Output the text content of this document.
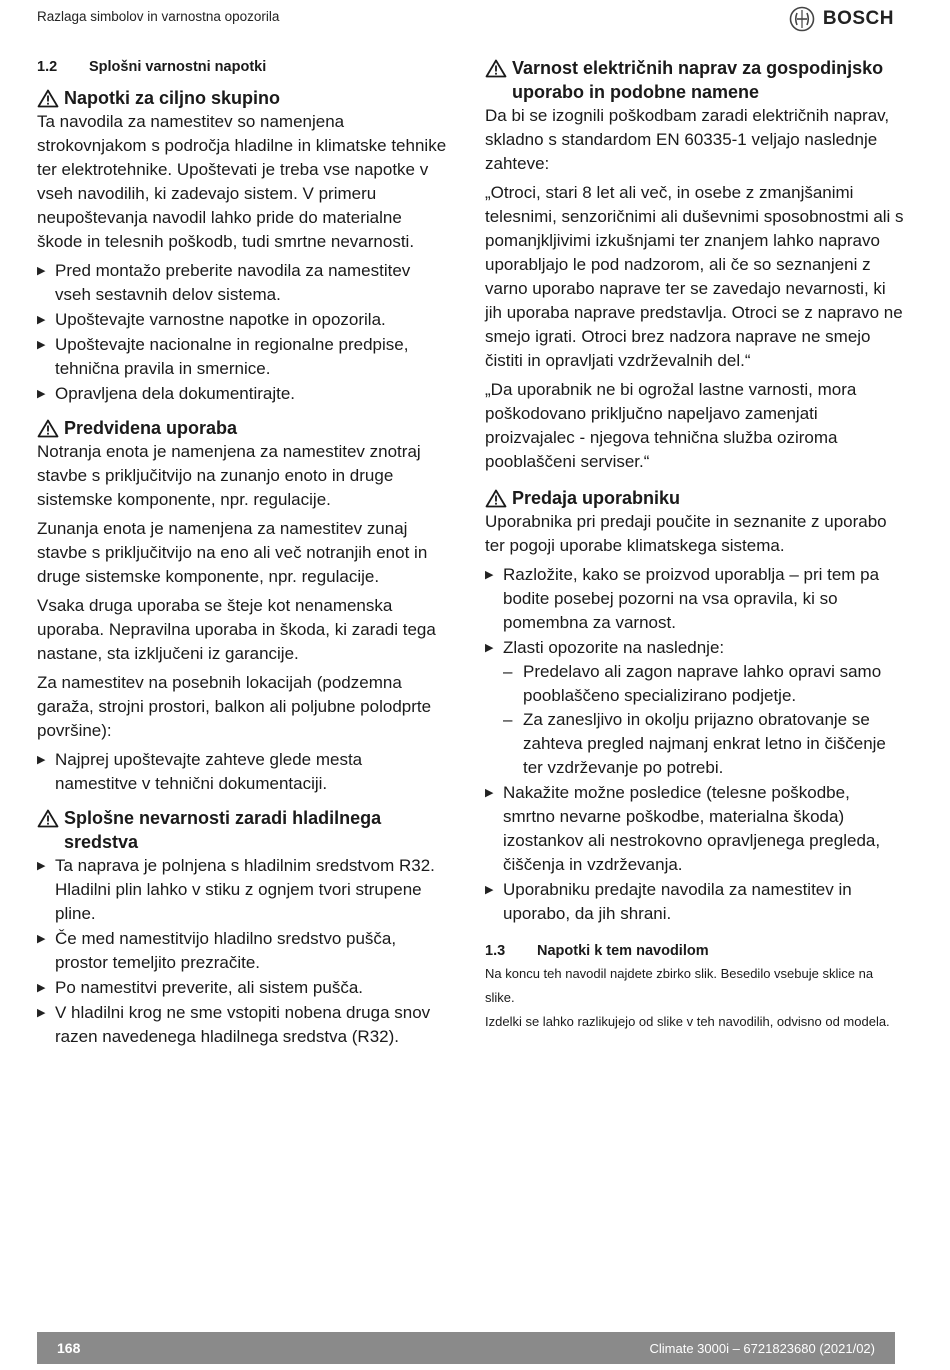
Razlaga simbolov in varnostna opozorila	BOSCH
1.2	Splošni varnostni napotki
Napotki za ciljno skupino

Ta navodila za namestitev so namenjena strokovnjakom s področja hladilne in klimatske tehnike ter elektrotehnike. Upoštevati je treba vse napotke v vseh navodilih, ki zadevajo sistem. V primeru neupoštevanja navodil lahko pride do materialne škode in telesnih poškodb, tudi smrtne nevarnosti.

▶ Pred montažo preberite navodila za namestitev vseh sestavnih delov sistema.
▶ Upoštevajte varnostne napotke in opozorila.
▶ Upoštevajte nacionalne in regionalne predpise, tehnična pravila in smernice.
▶ Opravljena dela dokumentirajte.
Predvidena uporaba

Notranja enota je namenjena za namestitev znotraj stavbe s priključitvijo na zunanjo enoto in druge sistemske komponente, npr. regulacije.

Zunanja enota je namenjena za namestitev zunaj stavbe s priključitvijo na eno ali več notranjih enot in druge sistemske komponente, npr. regulacije.

Vsaka druga uporaba se šteje kot nenamenska uporaba. Nepravilna uporaba in škoda, ki zaradi tega nastane, sta izključeni iz garancije.

Za namestitev na posebnih lokacijah (podzemna garaža, strojni prostori, balkon ali poljubne polodprte površine):

▶ Najprej upoštevajte zahteve glede mesta namestitve v tehnični dokumentaciji.
Splošne nevarnosti zaradi hladilnega sredstva
▶ Ta naprava je polnjena s hladilnim sredstvom R32. Hladilni plin lahko v stiku z ognjem tvori strupene pline.
▶ Če med namestitvijo hladilno sredstvo pušča, prostor temeljito prezračite.
▶ Po namestitvi preverite, ali sistem pušča.
▶ V hladilni krog ne sme vstopiti nobena druga snov razen navedenega hladilnega sredstva (R32).
Varnost električnih naprav za gospodinjsko uporabo in podobne namene

Da bi se izognili poškodbam zaradi električnih naprav, skladno s standardom EN 60335-1 veljajo naslednje zahteve:

„Otroci, stari 8 let ali več, in osebe z zmanjšanimi telesnimi, senzoričnimi ali duševnimi sposobnostmi ali s pomanjkljivimi izkušnjami ter znanjem lahko napravo uporabljajo le pod nadzorom, ali če so seznanjeni z varno uporabo naprave ter se zavedajo nevarnosti, ki jih uporaba naprave predstavlja. Otroci se z napravo ne smejo igrati. Otroci brez nadzora naprave ne smejo čistiti in opravljati vzdrževalnih del.“

„Da uporabnik ne bi ogrožal lastne varnosti, mora poškodovano priključno napeljavo zamenjati proizvajalec - njegova tehnična služba oziroma pooblaščeni serviser.“

Predaja uporabniku

Uporabnika pri predaji poučite in seznanite z uporabo ter pogoji uporabe klimatskega sistema.

▶ Razložite, kako se proizvod uporablja – pri tem pa bodite posebej pozorni na vsa opravila, ki so pomembna za varnost.
▶ Zlasti opozorite na naslednje:
– Predelavo ali zagon naprave lahko opravi samo pooblaščeno specializirano podjetje.
– Za zanesljivo in okolju prijazno obratovanje se zahteva pregled najmanj enkrat letno in čiščenje ter vzdrževanje po potrebi.
▶ Nakažite možne posledice (telesne poškodbe, smrtno nevarne poškodbe, materialna škoda) izostankov ali nestrokovno opravljenega pregleda, čiščenja in vzdrževanja.
▶ Uporabniku predajte navodila za namestitev in uporabo, da jih shrani.
1.3	Napotki k tem navodilom

Na koncu teh navodil najdete zbirko slik. Besedilo vsebuje sklice na slike.

Izdelki se lahko razlikujejo od slike v teh navodilih, odvisno od modela.

168	Climate 3000i – 6721823680 (2021/02)
